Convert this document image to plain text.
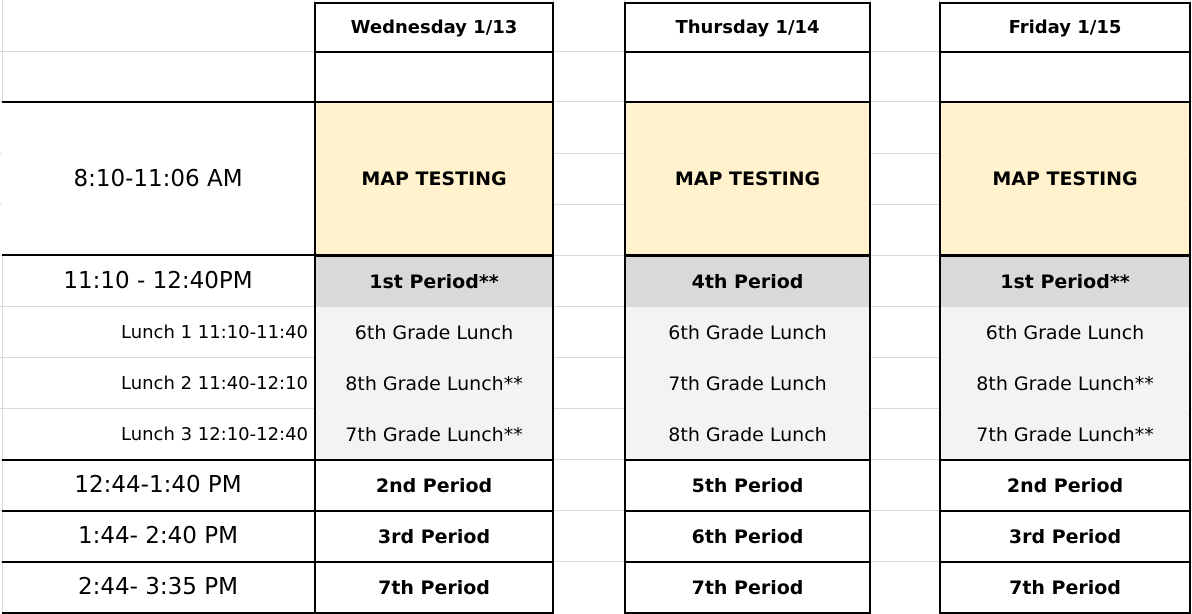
8:10-11:06 AM
11:10 - 12:40PM
Lunch 1 11:10-11:40
Lunch 2 11:40-12:10
Lunch 3 12:10-12:40
12:44-1:40 PM
1:44- 2:40 PM
2:44- 3:35 PM
Wednesday 1/13
MAP TESTING
1st Period**
6th Grade Lunch
8th Grade Lunch**
7th Grade Lunch**
2nd Period
3rd Period
7th Period
Thursday 1/14
MAP TESTING
4th Period
6th Grade Lunch
7th Grade Lunch
8th Grade Lunch
5th Period
6th Period
7th Period
Friday 1/15
MAP TESTING
1st Period**
6th Grade Lunch
8th Grade Lunch**
7th Grade Lunch**
2nd Period
3rd Period
7th Period
